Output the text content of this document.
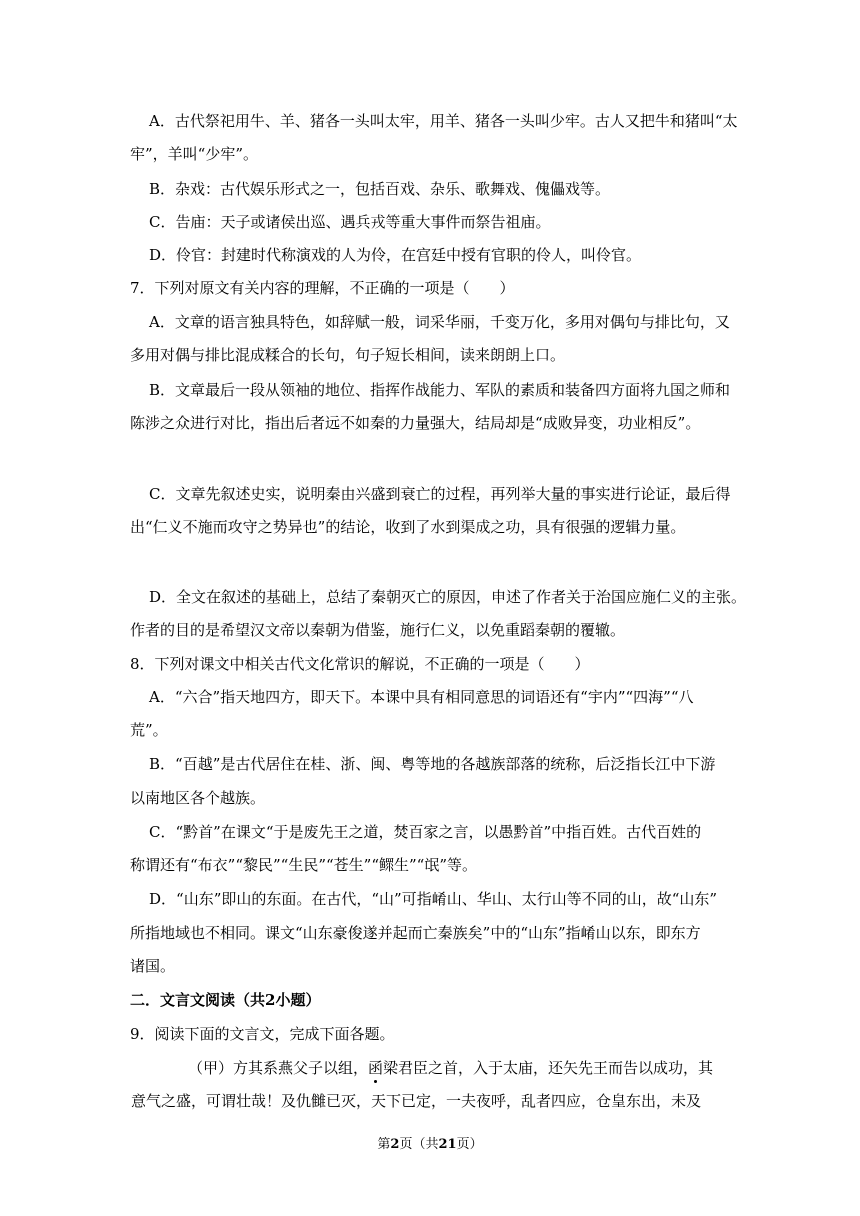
A．古代祭祀用牛、羊、猪各一头叫太牢，用羊、猪各一头叫少牢。古人又把牛和猪叫“太
牢”，羊叫“少牢”。
B．杂戏：古代娱乐形式之一，包括百戏、杂乐、歌舞戏、傀儡戏等。
C．告庙：天子或诸侯出巡、遇兵戎等重大事件而祭告祖庙。
D．伶官：封建时代称演戏的人为伶，在宫廷中授有官职的伶人，叫伶官。
7．下列对原文有关内容的理解，不正确的一项是（　　）
A．文章的语言独具特色，如辞赋一般，词采华丽，千变万化，多用对偶句与排比句，又
多用对偶与排比混成糅合的长句，句子短长相间，读来朗朗上口。
B．文章最后一段从领袖的地位、指挥作战能力、军队的素质和装备四方面将九国之师和
陈涉之众进行对比，指出后者远不如秦的力量强大，结局却是“成败异变，功业相反”。
C．文章先叙述史实，说明秦由兴盛到衰亡的过程，再列举大量的事实进行论证，最后得
出“仁义不施而攻守之势异也”的结论，收到了水到渠成之功，具有很强的逻辑力量。
D．全文在叙述的基础上，总结了秦朝灭亡的原因，申述了作者关于治国应施仁义的主张。
作者的目的是希望汉文帝以秦朝为借鉴，施行仁义，以免重蹈秦朝的覆辙。
8．下列对课文中相关古代文化常识的解说，不正确的一项是（　　）
A．“六合”指天地四方，即天下。本课中具有相同意思的词语还有“宇内”“四海”“八
荒”。
B．“百越”是古代居住在桂、浙、闽、粤等地的各越族部落的统称，后泛指长江中下游
以南地区各个越族。
C．“黔首”在课文“于是废先王之道，焚百家之言，以愚黔首”中指百姓。古代百姓的
称谓还有“布衣”“黎民”“生民”“苍生”“鳏生”“氓”等。
D．“山东”即山的东面。在古代，“山”可指崤山、华山、太行山等不同的山，故“山东”
所指地域也不相同。课文“山东豪俊遂并起而亡秦族矣”中的“山东”指崤山以东，即东方
诸国。
二．文言文阅读（共2小题）
9．阅读下面的文言文，完成下面各题。
（甲）方其系燕父子以组，函梁君臣之首，入于太庙，还矢先王而告以成功，其
意气之盛，可谓壮哉！及仇雠已灭，天下已定，一夫夜呼，乱者四应，仓皇东出，未及
第2页（共21页）
